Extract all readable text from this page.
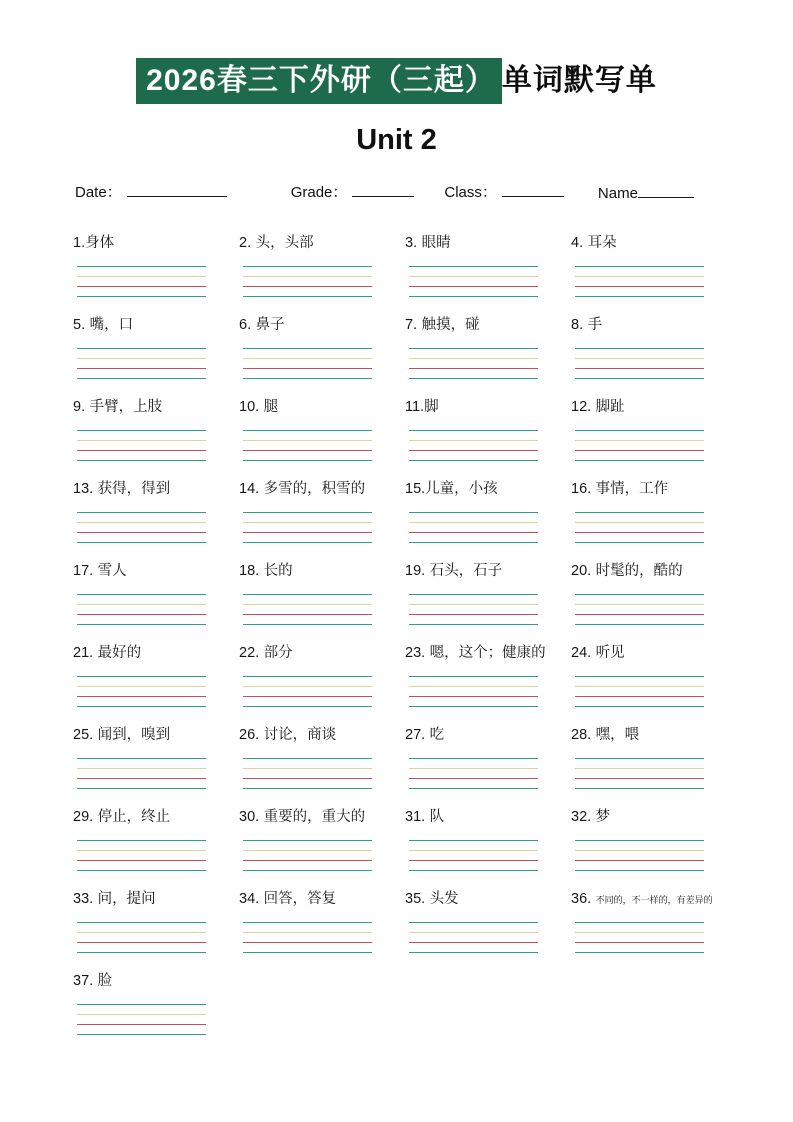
2026春三下外研（三起） 单词默写单
Unit 2
Date：	Grade：	Class：	Name
1.身体	2. 头，头部	3. 眼睛	4. 耳朵
5. 嘴，口	6. 鼻子	7. 触摸，碰	8. 手
9. 手臂，上肢	10. 腿	11.脚	12. 脚趾
13. 获得，得到	14. 多雪的，积雪的	15.儿童，小孩	16. 事情，工作
17. 雪人	18. 长的	19. 石头，石子	20. 时髦的，酷的
21. 最好的	22. 部分	23. 嗯，这个；健康的	24. 听见
25. 闻到，嗅到	26. 讨论，商谈	27. 吃	28. 嘿，喂
29. 停止，终止	30. 重要的，重大的	31. 队	32. 梦
33. 问，提问	34. 回答，答复	35. 头发	36. 不同的，不一样的，有差异的
37. 脸
